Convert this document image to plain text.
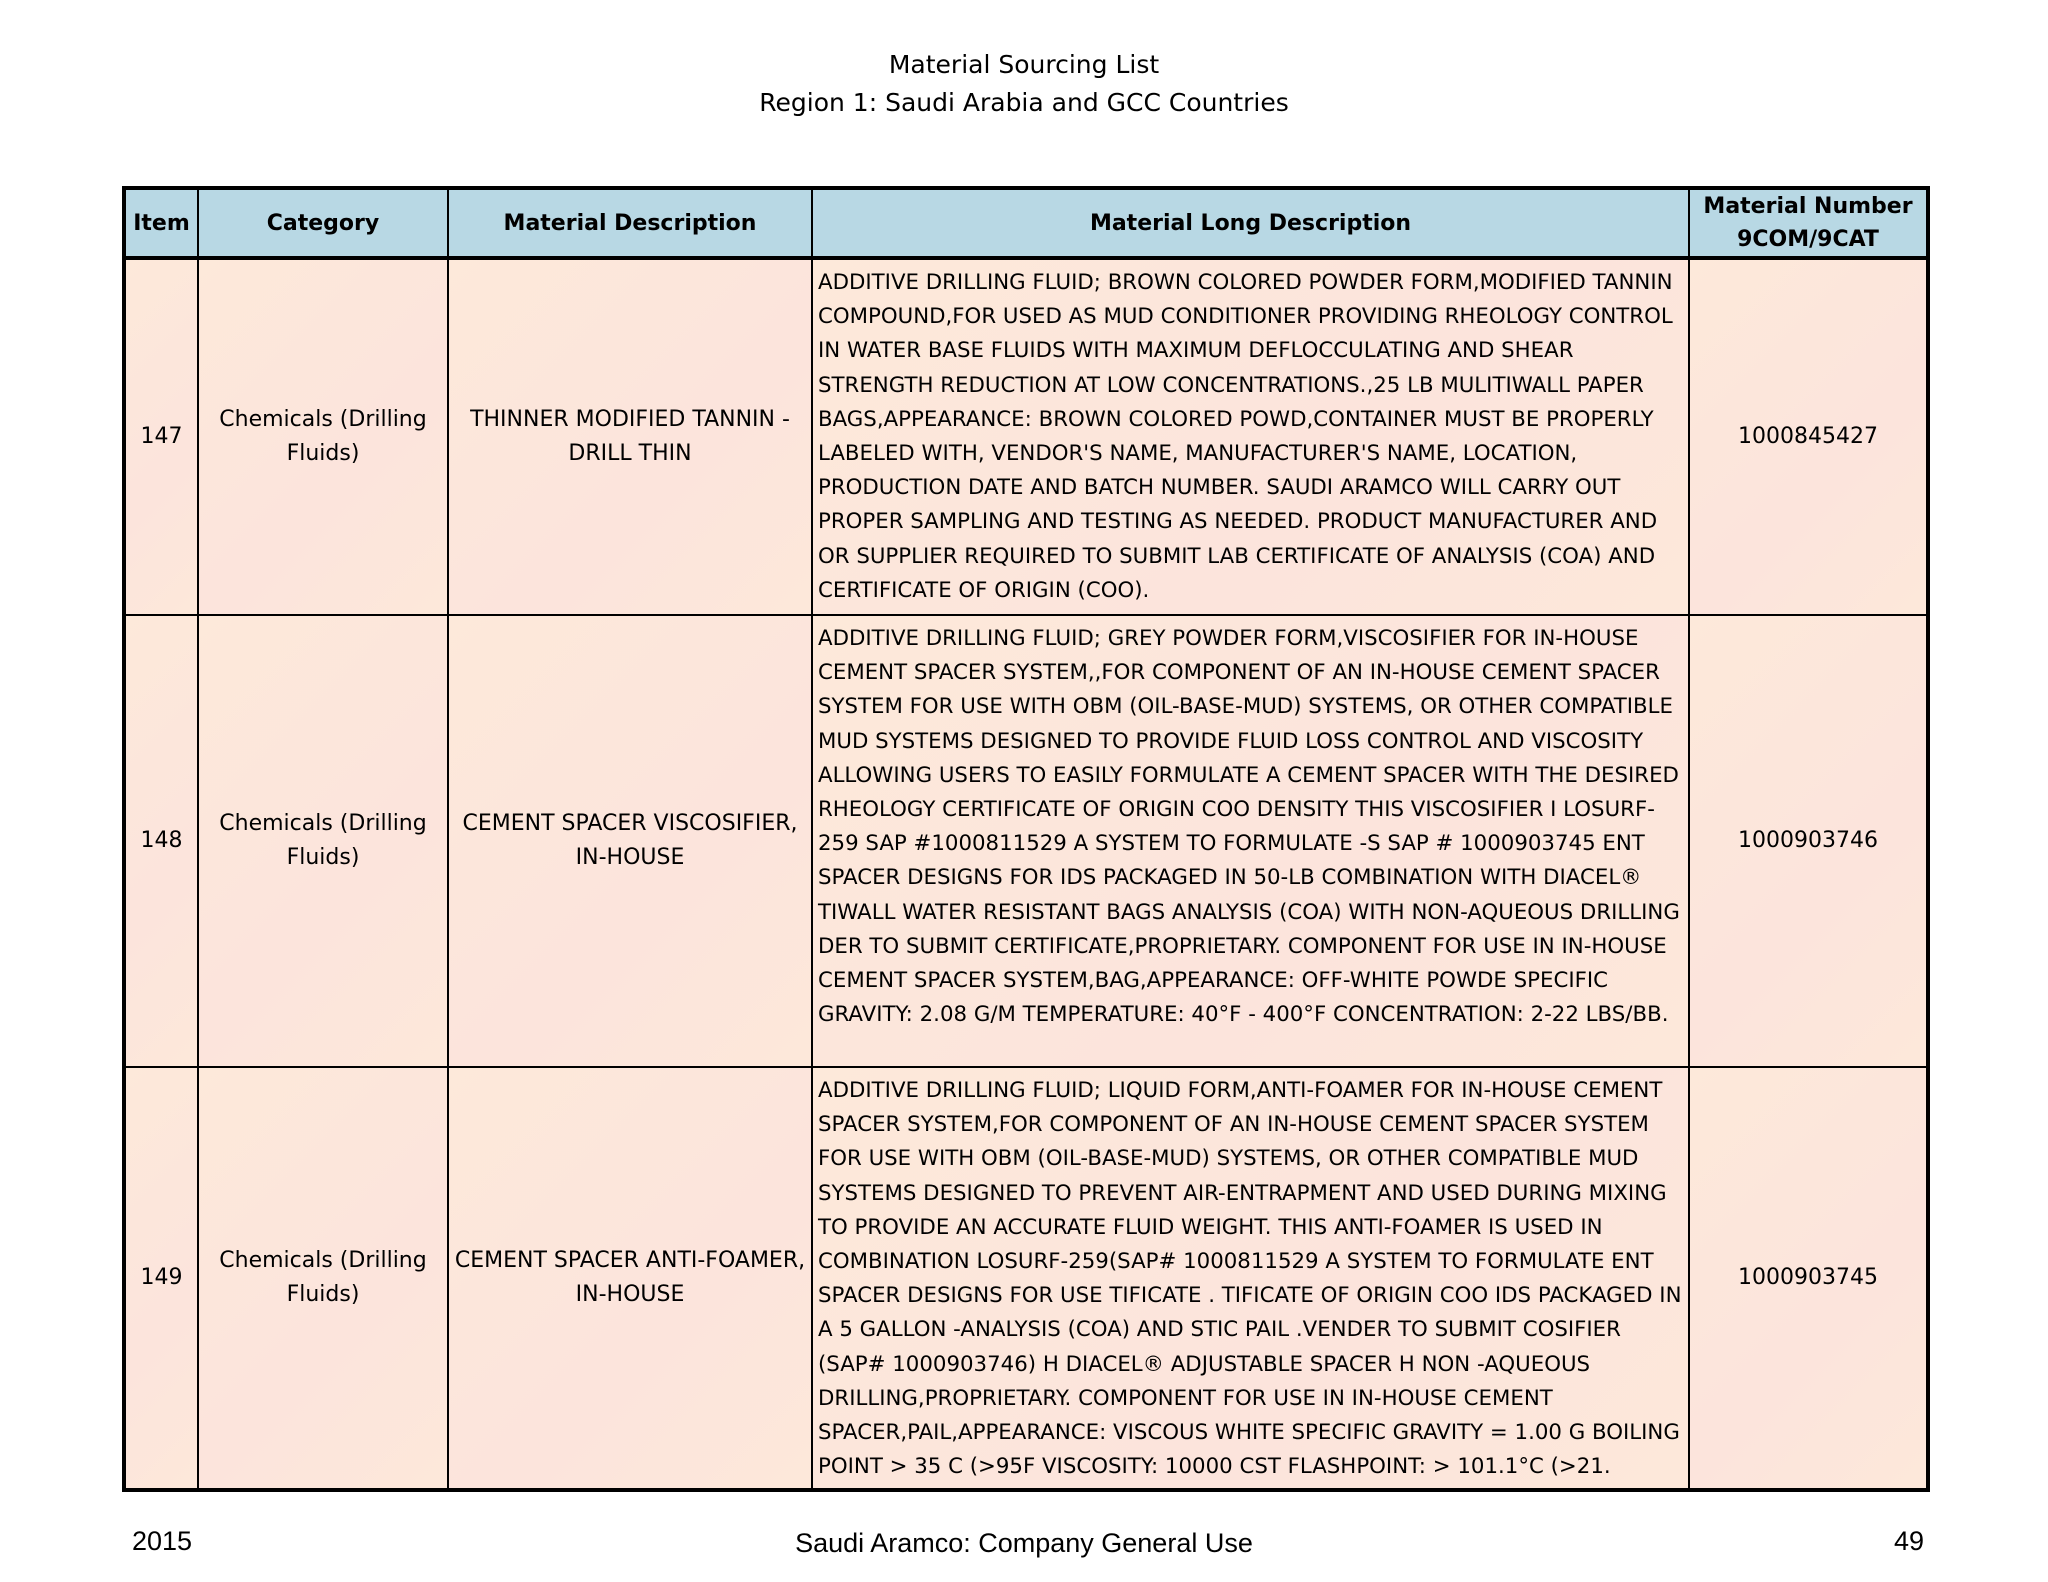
Material Sourcing List
Region 1: Saudi Arabia and GCC Countries
Item	Category	Material Description	Material Long Description	Material Number 9COM/9CAT
147	Chemicals (Drilling Fluids)	THINNER MODIFIED TANNIN - DRILL THIN	ADDITIVE DRILLING FLUID; BROWN COLORED POWDER FORM,MODIFIED TANNIN COMPOUND,FOR USED AS MUD CONDITIONER PROVIDING RHEOLOGY CONTROL IN WATER BASE FLUIDS WITH MAXIMUM DEFLOCCULATING AND SHEAR STRENGTH REDUCTION AT LOW CONCENTRATIONS.,25 LB MULITIWALL PAPER BAGS,APPEARANCE: BROWN COLORED POWD,CONTAINER MUST BE PROPERLY LABELED WITH, VENDOR'S NAME, MANUFACTURER'S NAME, LOCATION, PRODUCTION DATE AND BATCH NUMBER. SAUDI ARAMCO WILL CARRY OUT PROPER SAMPLING AND TESTING AS NEEDED. PRODUCT MANUFACTURER AND OR SUPPLIER REQUIRED TO SUBMIT LAB CERTIFICATE OF ANALYSIS (COA) AND CERTIFICATE OF ORIGIN (COO).	1000845427
148	Chemicals (Drilling Fluids)	CEMENT SPACER VISCOSIFIER, IN-HOUSE	ADDITIVE DRILLING FLUID; GREY POWDER FORM,VISCOSIFIER FOR IN-HOUSE CEMENT SPACER SYSTEM,,FOR COMPONENT OF AN IN-HOUSE CEMENT SPACER SYSTEM FOR USE WITH OBM (OIL-BASE-MUD) SYSTEMS, OR OTHER COMPATIBLE MUD SYSTEMS DESIGNED TO PROVIDE FLUID LOSS CONTROL AND VISCOSITY ALLOWING USERS TO EASILY FORMULATE A CEMENT SPACER WITH THE DESIRED RHEOLOGY CERTIFICATE OF ORIGIN COO DENSITY THIS VISCOSIFIER I LOSURF-259 SAP #1000811529 A SYSTEM TO FORMULATE -S SAP # 1000903745 ENT SPACER DESIGNS FOR IDS PACKAGED IN 50-LB COMBINATION WITH DIACEL® TIWALL WATER RESISTANT BAGS ANALYSIS (COA) WITH NON-AQUEOUS DRILLING DER TO SUBMIT CERTIFICATE,PROPRIETARY. COMPONENT FOR USE IN IN-HOUSE CEMENT SPACER SYSTEM,BAG,APPEARANCE: OFF-WHITE POWDE SPECIFIC GRAVITY: 2.08 G/M TEMPERATURE: 40°F - 400°F CONCENTRATION: 2-22 LBS/BB.	1000903746
149	Chemicals (Drilling Fluids)	CEMENT SPACER ANTI-FOAMER, IN-HOUSE	ADDITIVE DRILLING FLUID; LIQUID FORM,ANTI-FOAMER FOR IN-HOUSE CEMENT SPACER SYSTEM,FOR COMPONENT OF AN IN-HOUSE CEMENT SPACER SYSTEM FOR USE WITH OBM (OIL-BASE-MUD) SYSTEMS, OR OTHER COMPATIBLE MUD SYSTEMS DESIGNED TO PREVENT AIR-ENTRAPMENT AND USED DURING MIXING TO PROVIDE AN ACCURATE FLUID WEIGHT. THIS ANTI-FOAMER IS USED IN COMBINATION LOSURF-259(SAP# 1000811529 A SYSTEM TO FORMULATE ENT SPACER DESIGNS FOR USE TIFICATE . TIFICATE OF ORIGIN COO IDS PACKAGED IN A 5 GALLON -ANALYSIS (COA) AND STIC PAIL .VENDER TO SUBMIT COSIFIER (SAP# 1000903746) H DIACEL® ADJUSTABLE SPACER H NON -AQUEOUS DRILLING,PROPRIETARY. COMPONENT FOR USE IN IN-HOUSE CEMENT SPACER,PAIL,APPEARANCE: VISCOUS WHITE SPECIFIC GRAVITY = 1.00 G BOILING POINT > 35 C (>95F VISCOSITY: 10000 CST FLASHPOINT: > 101.1°C (>21.	1000903745
2015	Saudi Aramco: Company General Use	49
